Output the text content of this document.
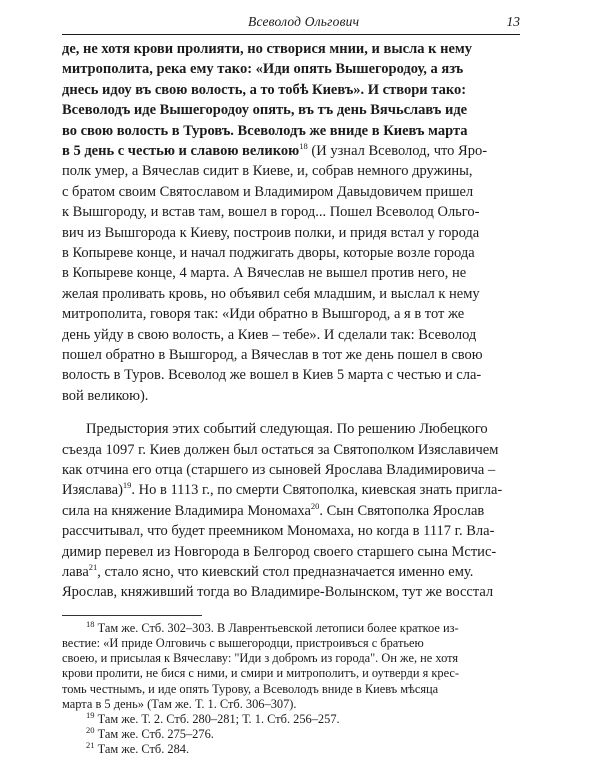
Всеволод Ольгович	13
де, не хотя крови пролияти, но створися мнии, и высла к нему
митрополита, река ему тако: «Иди опять Вышегородоу, а язъ
днесь идоу въ свою волость, а то тобѣ Киевъ». И створи тако:
Всеволодъ иде Вышегородоу опять, въ тъ день Вячьславъ иде
во свою волость в Туровъ. Всеволодъ же вниде в Киевъ марта
в 5 день с честью и славою великою$^{18}$ (И узнал Всеволод, что Яро-
полк умер, а Вячеслав сидит в Киеве, и, собрав немного дружины,
с братом своим Святославом и Владимиром Давыдовичем пришел
к Вышгороду, и встав там, вошел в город... Пошел Всеволод Ольго-
вич из Вышгорода к Киеву, построив полки, и придя встал у города
в Копыреве конце, и начал поджигать дворы, которые возле города
в Копыреве конце, 4 марта. А Вячеслав не вышел против него, не
желая проливать кровь, но объявил себя младшим, и выслал к нему
митрополита, говоря так: «Иди обратно в Вышгород, а я в тот же
день уйду в свою волость, а Киев – тебе». И сделали так: Всеволод
пошел обратно в Вышгород, а Вячеслав в тот же день пошел в свою
волость в Туров. Всеволод же вошел в Киев 5 марта с честью и сла-
вой великою).
Предыстория этих событий следующая. По решению Любецкого
съезда 1097 г. Киев должен был остаться за Святополком Изяславичем
как отчина его отца (старшего из сыновей Ярослава Владимировича –
Изяслава)$^{19}$. Но в 1113 г., по смерти Святополка, киевская знать пригла-
сила на княжение Владимира Мономаха$^{20}$. Сын Святополка Ярослав
рассчитывал, что будет преемником Мономаха, но когда в 1117 г. Вла-
димир перевел из Новгорода в Белгород своего старшего сына Мстис-
лава$^{21}$, стало ясно, что киевский стол предназначается именно ему.
Ярослав, княживший тогда во Владимире-Волынском, тут же восстал
$^{18}$ Там же. Стб. 302–303. В Лаврентьевской летописи более краткое из-
вестие: «И приде Олговичь с вышегородци, пристроивъся с братьею
своею, и присылая к Вячеславу: "Иди з добромъ из города". Он же, не хотя
крови пролити, не бися с ними, и смири и митрополитъ, и оутверди я крес-
томь честнымъ, и иде опять Турову, а Всеволодъ вниде в Киевъ мѣсяца
марта в 5 день» (Там же. Т. 1. Стб. 306–307).
$^{19}$ Там же. Т. 2. Стб. 280–281; Т. 1. Стб. 256–257.
$^{20}$ Там же. Стб. 275–276.
$^{21}$ Там же. Стб. 284.
